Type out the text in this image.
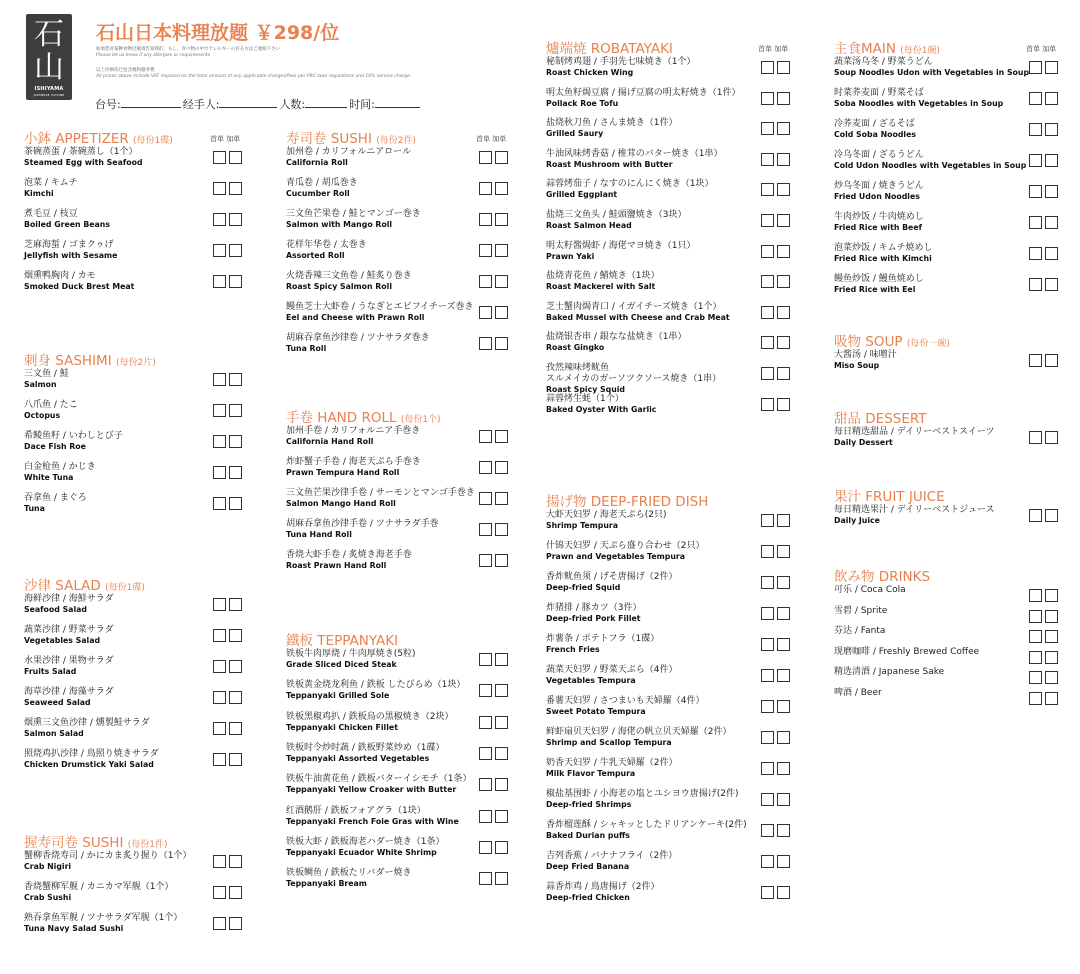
石
山
ISHIYAMA
JAPANESE CUISINE
石山日本料理放题 ￥298/位
如果您对某种食物过敏请告知我们，もし、食べ物の中でアレルギーの有る方はご連絡下さい
Please let us know if any allergies or requirements
以上价格均已包含税和服务费
All prices above include VAT imposed on the total amount of any applicable charges/fees per PRC laws regulations and 10% service charge.
台号:	经手人:	人数:	时间:
小鉢 APPETIZER (每份1碟)	首单 加单
茶碗蒸蛋 / 茶碗蒸し（1个）
Steamed Egg with Seafood
泡菜 / キムチ
Kimchi
煮毛豆 / 枝豆
Boiled Green Beans
芝麻海蜇 / ゴまクゥげ
Jellyfish with Sesame
烟熏鸭胸肉 / カモ
Smoked Duck Brest Meat
刺身 SASHIMI (每份2片)
三文鱼 / 鮭
Salmon
八爪鱼 / たこ
Octopus
希鲮鱼籽 / いわしとび子
Dace Fish Roe
白金枪鱼 / かじき
White Tuna
吞拿鱼 / まぐろ
Tuna
沙律 SALAD (每份1碟)
海鲜沙律 / 海鮮サラダ
Seafood Salad
蔬菜沙律 / 野菜サラダ
Vegetables Salad
水果沙律 / 果物サラダ
Fruits Salad
海草沙律 / 海藻サラダ
Seaweed Salad
烟熏三文鱼沙律 / 燻製鮭サラダ
Salmon Salad
照烧鸡扒沙律 / 鳥照り焼きサラダ
Chicken Drumstick Yaki Salad
握寿司卷 SUSHI (每份1件)
蟹柳香烧寿司 / かにカま炙り握り（1个）
Crab Nigiri
香烧蟹柳军舰 / カニカマ军舰（1个）
Crab Sushi
熟吞拿鱼军舰 / ツナサラダ军舰（1个）
Tuna Navy Salad Sushi
寿司卷 SUSHI (每份2件)	首单 加单
加州卷 / カリフォルニアロール
California Roll
青瓜卷 / 胡瓜巻き
Cucumber Roll
三文鱼芒果卷 / 鮭とマンゴー巻き
Salmon with Mango Roll
花样年华卷 / 太巻き
Assorted Roll
火烧香辣三文鱼卷 / 鮭炙り巻き
Roast Spicy Salmon Roll
鳗鱼芝士大虾卷 / うなぎとエビフイチーズ巻き
Eel and Cheese with Prawn Roll
胡麻吞拿鱼沙律卷 / ツナサラダ巻き
Tuna Roll
手卷 HAND ROLL (每份1个)
加州手卷 / カリフォルニア手巻き
California Hand Roll
炸虾蟹子手卷 / 海老天ぷら手巻き
Prawn Tempura Hand Roll
三文鱼芒果沙律手卷 / サーモンとマンゴ手巻き
Salmon Mango Hand Roll
胡麻吞拿鱼沙律手卷 / ツナサラダ手巻
Tuna Hand Roll
香烧大虾手卷 / 炙焼き海老手巻
Roast Prawn Hand Roll
鐵板 TEPPANYAKI
铁板牛肉厚烧 / 牛肉厚焼き(5粒)
Grade Sliced Diced Steak
铁板黄金烧龙利鱼 / 鉄板 したびらめ（1块）
Teppanyaki Grilled Sole
铁板黑椒鸡扒 / 鉄板烏の黒椒焼き（2块）
Teppanyaki Chicken Fillet
铁板时令炒时蔬 / 鉄板野菜炒め（1碟）
Teppanyaki Assorted Vegetables
铁板牛油黄花鱼 / 鉄板バターイシモチ（1条）
Teppanyaki Yellow Croaker with Butter
红酒鹅肝 / 鉄板フォアグラ（1块）
Teppanyaki French Foie Gras with Wine
铁板大虾 / 鉄板海老ハダー焼き（1条）
Teppanyaki Ecuador White Shrimp
铁板鲷鱼 / 鉄板たリバダー焼き
Teppanyaki Bream
爐端焼 ROBATAYAKI	首单 加单
秘制烤鸡翅 / 手羽先七味焼き（1个）
Roast Chicken Wing
明太鱼籽焗豆腐 / 揚げ豆腐の明太籽焼き（1件）
Pollack Roe Tofu
盐烧秋刀鱼 / さんま焼き（1件）
Grilled Saury
牛油风味烤香菇 / 椎茸のバター焼き（1串）
Roast Mushroom with Butter
蒜蓉烤茄子 / なすのにんにく焼き（1块）
Grilled Eggplant
盐烧三文鱼头 / 鮭頭鹽焼き（3块）
Roast Salmon Head
明太籽酱焗虾 / 海佬マヨ焼き（1只）
Prawn Yaki
盐烧青花鱼 / 鯖焼き（1块）
Roast Mackerel with Salt
芝士蟹肉焗青口 / イガイチーズ焼き（1个）
Baked Mussel with Cheese and Crab Meat
盐烧银杏串 / 銀なな盐焼き（1串）
Roast Gingko
孜然辣味烤鱿鱼
スルメイカのガーソツクソース焼き（1串）
Roast Spicy Squid
蒜蓉烤生蚝（1个）
Baked Oyster With Garlic
揚げ物 DEEP-FRIED DISH
大虾天妇罗 / 海老天ぷら(2只)
Shrimp Tempura
什锦天妇罗 / 天ぷら盛り合わせ（2只）
Prawn and Vegetables Tempura
香炸鱿鱼须 / げそ唐揚げ（2件）
Deep-fried Squid
炸猪排 / 豚カツ（3件）
Deep-fried Pork Fillet
炸薯条 / ポテトフラ（1碟）
French Fries
蔬菜天妇罗 / 野菜天ぷら（4件）
Vegetables Tempura
番薯天妇罗 / さつまいも天婦羅（4件）
Sweet Potato Tempura
鲜虾扇贝天妇罗 / 海佬の帆立贝天婦羅（2件）
Shrimp and Scallop Tempura
奶香天妇罗 / 牛乳天婦羅（2件）
Milk Flavor Tempura
椒盐基围虾 / 小海老の塩とユシヨウ唐揚げ(2件)
Deep-fried Shrimps
香炸榴莲酥 / シャキッとしたドリアンケーキ(2件)
Baked Durian puffs
吉列香蕉 / バナナフライ（2件）
Deep Fried Banana
蒜香炸鸡 / 鳥唐揚げ（2件）
Deep-fried Chicken
主食MAIN (每份1碗)	首单 加单
蔬菜汤乌冬 / 野菜うどん
Soup Noodles Udon with Vegetables in Soup
时菜荞麦面 / 野菜そば
Soba Noodles with Vegetables in Soup
冷荞麦面 / ざるそば
Cold Soba Noodles
冷乌冬面 / ざるうどん
Cold Udon Noodles with Vegetables in Soup
炒乌冬面 / 焼きうどん
Fried Udon Noodles
牛肉炒饭 / 牛肉焼めし
Fried Rice with Beef
泡菜炒饭 / キムチ焼めし
Fried Rice with Kimchi
鳗鱼炒饭 / 鰻鱼焼めし
Fried Rice with Eel
吸物 SOUP (每份一碗)
大酱汤 / 味噌汁
Miso Soup
甜品 DESSERT
每日精选甜品 / デイリーベストスイーツ
Daily Dessert
果汁 FRUIT JUICE
每日精选果汁 / デイリーベストジュース
Daily Juice
飲み物 DRINKS
可乐 / Coca Cola
雪碧 / Sprite
芬达 / Fanta
现磨咖啡 / Freshly Brewed Coffee
精选清酒 / Japanese Sake
啤酒 / Beer
